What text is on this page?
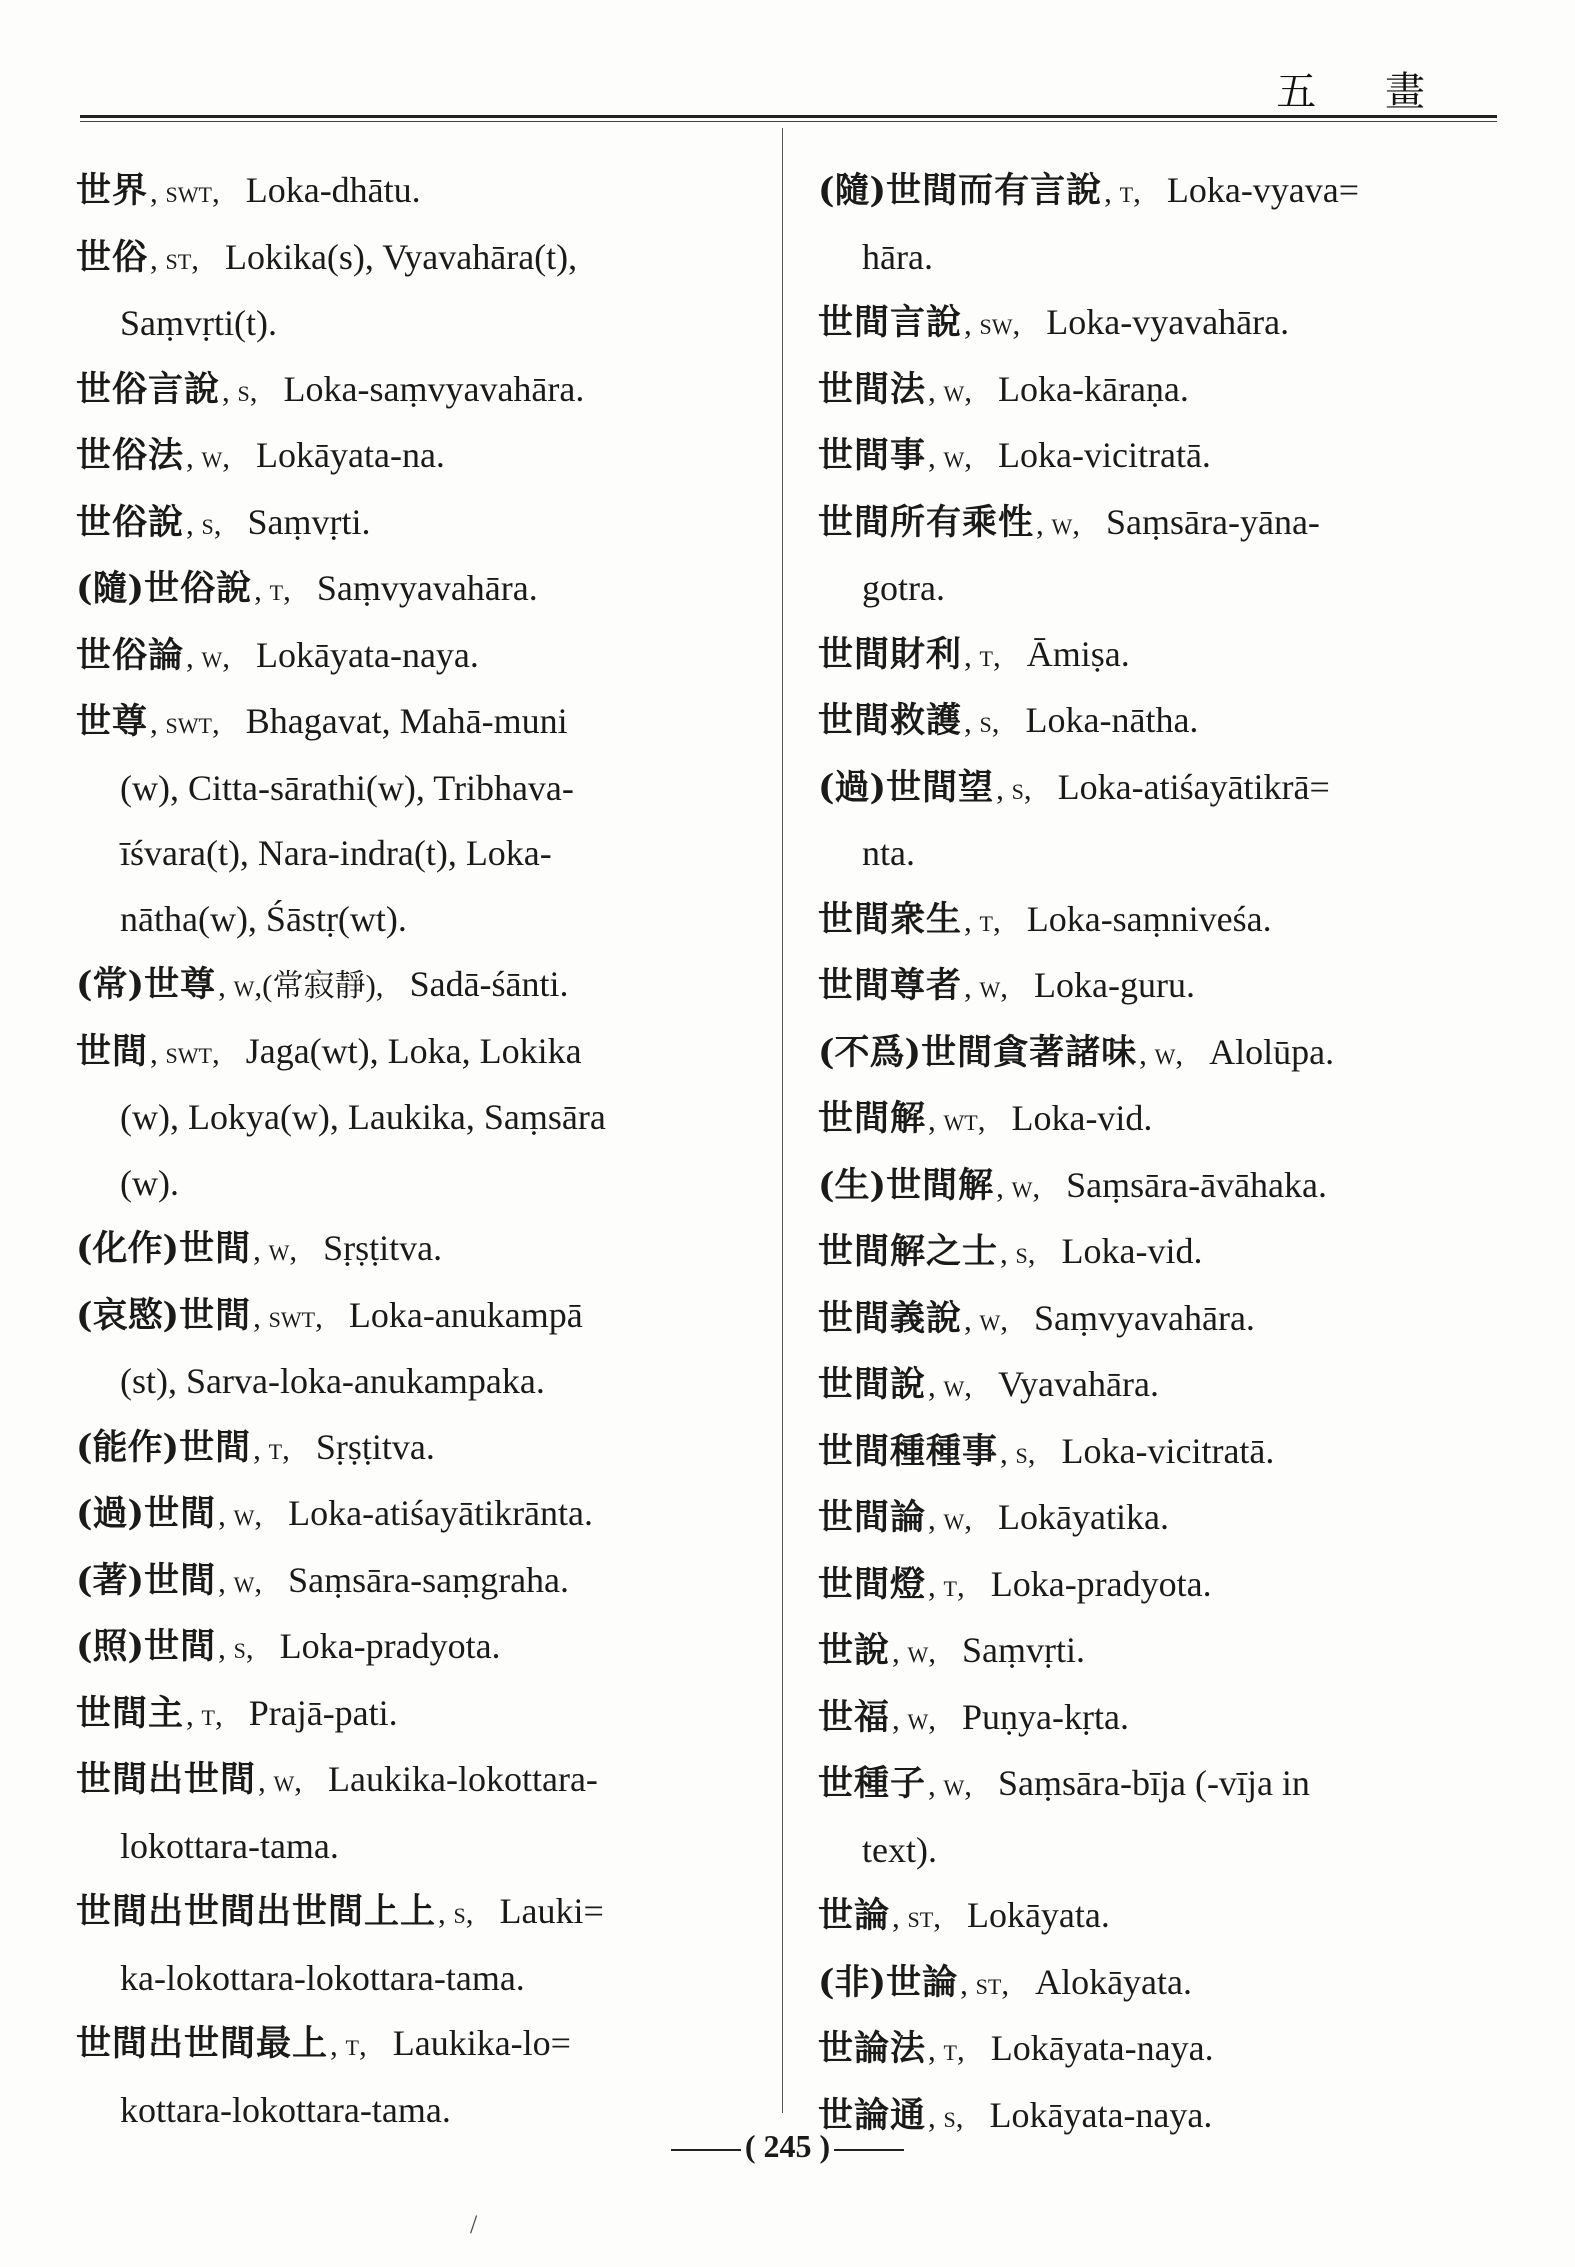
五 畫
世界, swt, Loka-dhātu.
世俗, st, Lokika(s), Vyavahāra(t),
Saṃvṛti(t).
世俗言說, s, Loka-saṃvyavahāra.
世俗法, w, Lokāyata-na.
世俗說, s, Saṃvṛti.
(隨)世俗說, t, Saṃvyavahāra.
世俗論, w, Lokāyata-naya.
世尊, swt, Bhagavat, Mahā-muni
(w), Citta-sārathi(w), Tribhava-
īśvara(t), Nara-indra(t), Loka-
nātha(w), Śāstṛ(wt).
(常)世尊, w,(常寂靜), Sadā-śānti.
世間, swt, Jaga(wt), Loka, Lokika
(w), Lokya(w), Laukika, Saṃsāra
(w).
(化作)世間, w, Sṛṣṭitva.
(哀愍)世間, swt, Loka-anukampā
(st), Sarva-loka-anukampaka.
(能作)世間, t, Sṛṣṭitva.
(過)世間, w, Loka-atiśayātikrānta.
(著)世間, w, Saṃsāra-saṃgraha.
(照)世間, s, Loka-pradyota.
世間主, t, Prajā-pati.
世間出世間, w, Laukika-lokottara-
lokottara-tama.
世間出世間出世間上上, s, Lauki=
ka-lokottara-lokottara-tama.
世間出世間最上, t, Laukika-lo=
kottara-lokottara-tama.
(隨)世間而有言說, t, Loka-vyava=
hāra.
世間言說, sw, Loka-vyavahāra.
世間法, w, Loka-kāraṇa.
世間事, w, Loka-vicitratā.
世間所有乘性, w, Saṃsāra-yāna-
gotra.
世間財利, t, Āmiṣa.
世間救護, s, Loka-nātha.
(過)世間望, s, Loka-atiśayātikrā=
nta.
世間衆生, t, Loka-saṃniveśa.
世間尊者, w, Loka-guru.
(不爲)世間貪著諸味, w, Alolūpa.
世間解, wt, Loka-vid.
(生)世間解, w, Saṃsāra-āvāhaka.
世間解之士, s, Loka-vid.
世間義說, w, Saṃvyavahāra.
世間說, w, Vyavahāra.
世間種種事, s, Loka-vicitratā.
世間論, w, Lokāyatika.
世間燈, t, Loka-pradyota.
世說, w, Saṃvṛti.
世福, w, Puṇya-kṛta.
世種子, w, Saṃsāra-bīja (-vīja in
text).
世論, st, Lokāyata.
(非)世論, st, Alokāyata.
世論法, t, Lokāyata-naya.
世論通, s, Lokāyata-naya.
( 245 )
/
